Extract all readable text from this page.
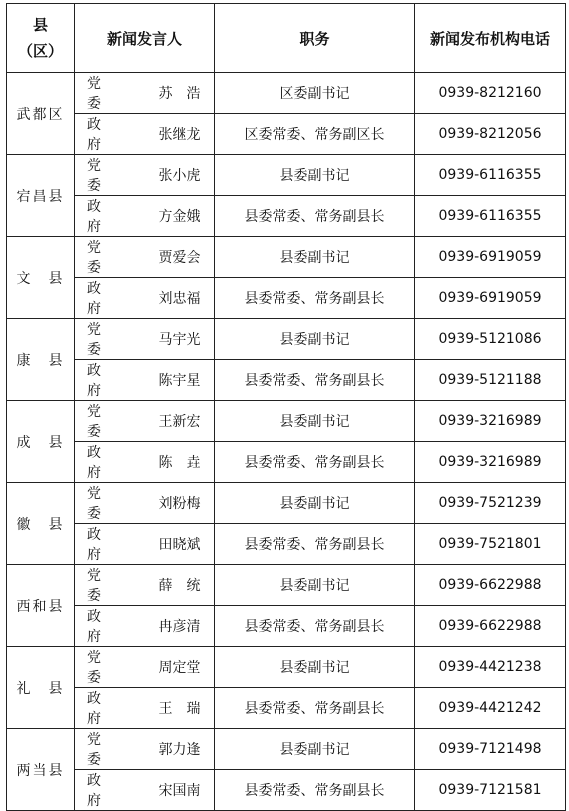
县
（区）	新闻发言人		职务	新闻发布机构电话
武都区	党　委	苏　浩	区委副书记	0939-8212160
	政　府	张继龙	区委常委、常务副区长	0939-8212056
宕昌县	党　委	张小虎	县委副书记	0939-6116355
	政　府	方金娥	县委常委、常务副县长	0939-6116355
文　县	党　委	贾爱会	县委副书记	0939-6919059
	政　府	刘忠福	县委常委、常务副县长	0939-6919059
康　县	党　委	马宇光	县委副书记	0939-5121086
	政　府	陈宇星	县委常委、常务副县长	0939-5121188
成　县	党　委	王新宏	县委副书记	0939-3216989
	政　府	陈　垚	县委常委、常务副县长	0939-3216989
徽　县	党　委	刘粉梅	县委副书记	0939-7521239
	政　府	田晓斌	县委常委、常务副县长	0939-7521801
西和县	党　委	薛　统	县委副书记	0939-6622988
	政　府	冉彦清	县委常委、常务副县长	0939-6622988
礼　县	党　委	周定堂	县委副书记	0939-4421238
	政　府	王　瑞	县委常委、常务副县长	0939-4421242
两当县	党　委	郭力逢	县委副书记	0939-7121498
	政　府	宋国南	县委常委、常务副县长	0939-7121581
